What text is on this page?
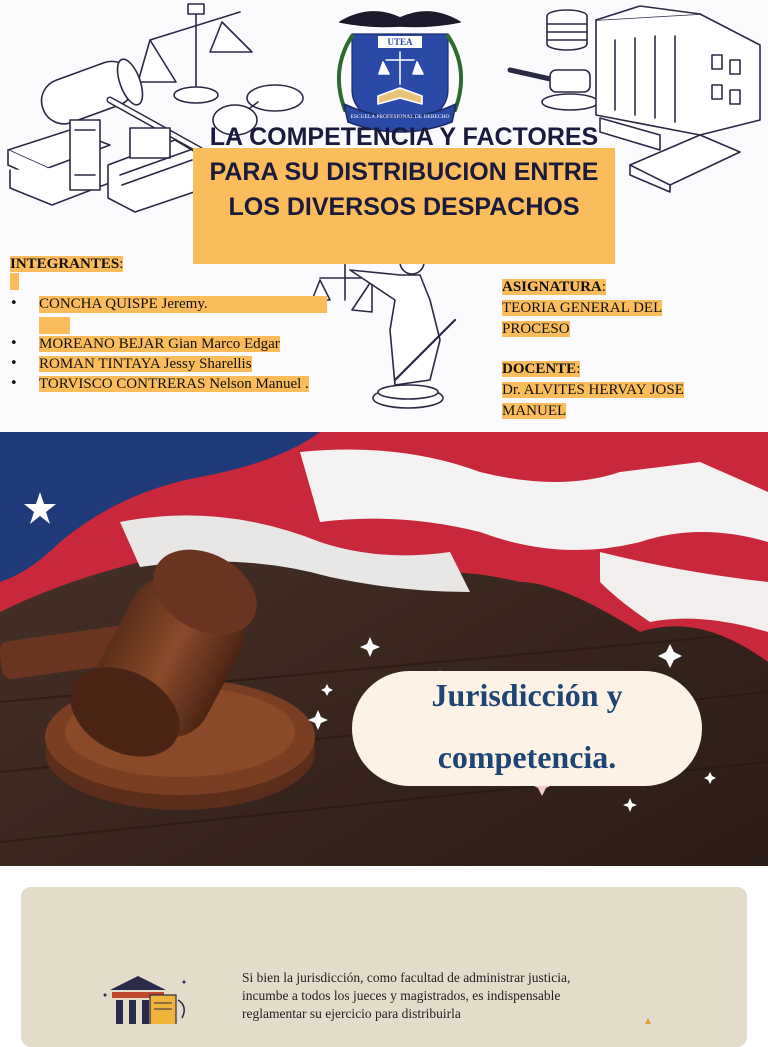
UTEA
ESCUELA PROFESIONAL DE DERECHO
LA COMPETENCIA Y FACTORES PARA SU DISTRIBUCION ENTRE LOS DIVERSOS DESPACHOS
INTEGRANTES:

• CONCHA QUISPE Jeremy.
• MOREANO BEJAR Gian Marco Edgar
• ROMAN TINTAYA Jessy Sharellis
• TORVISCO CONTRERAS Nelson Manuel .
ASIGNATURA:
TEORIA GENERAL DEL PROCESO
DOCENTE:
Dr. ALVITES HERVAY JOSE MANUEL
Jurisdicción y
competencia.

Si bien la jurisdicción, como facultad de administrar justicia, incumbe a todos los jueces y magistrados, es indispensable reglamentar su ejercicio para distribuirla
